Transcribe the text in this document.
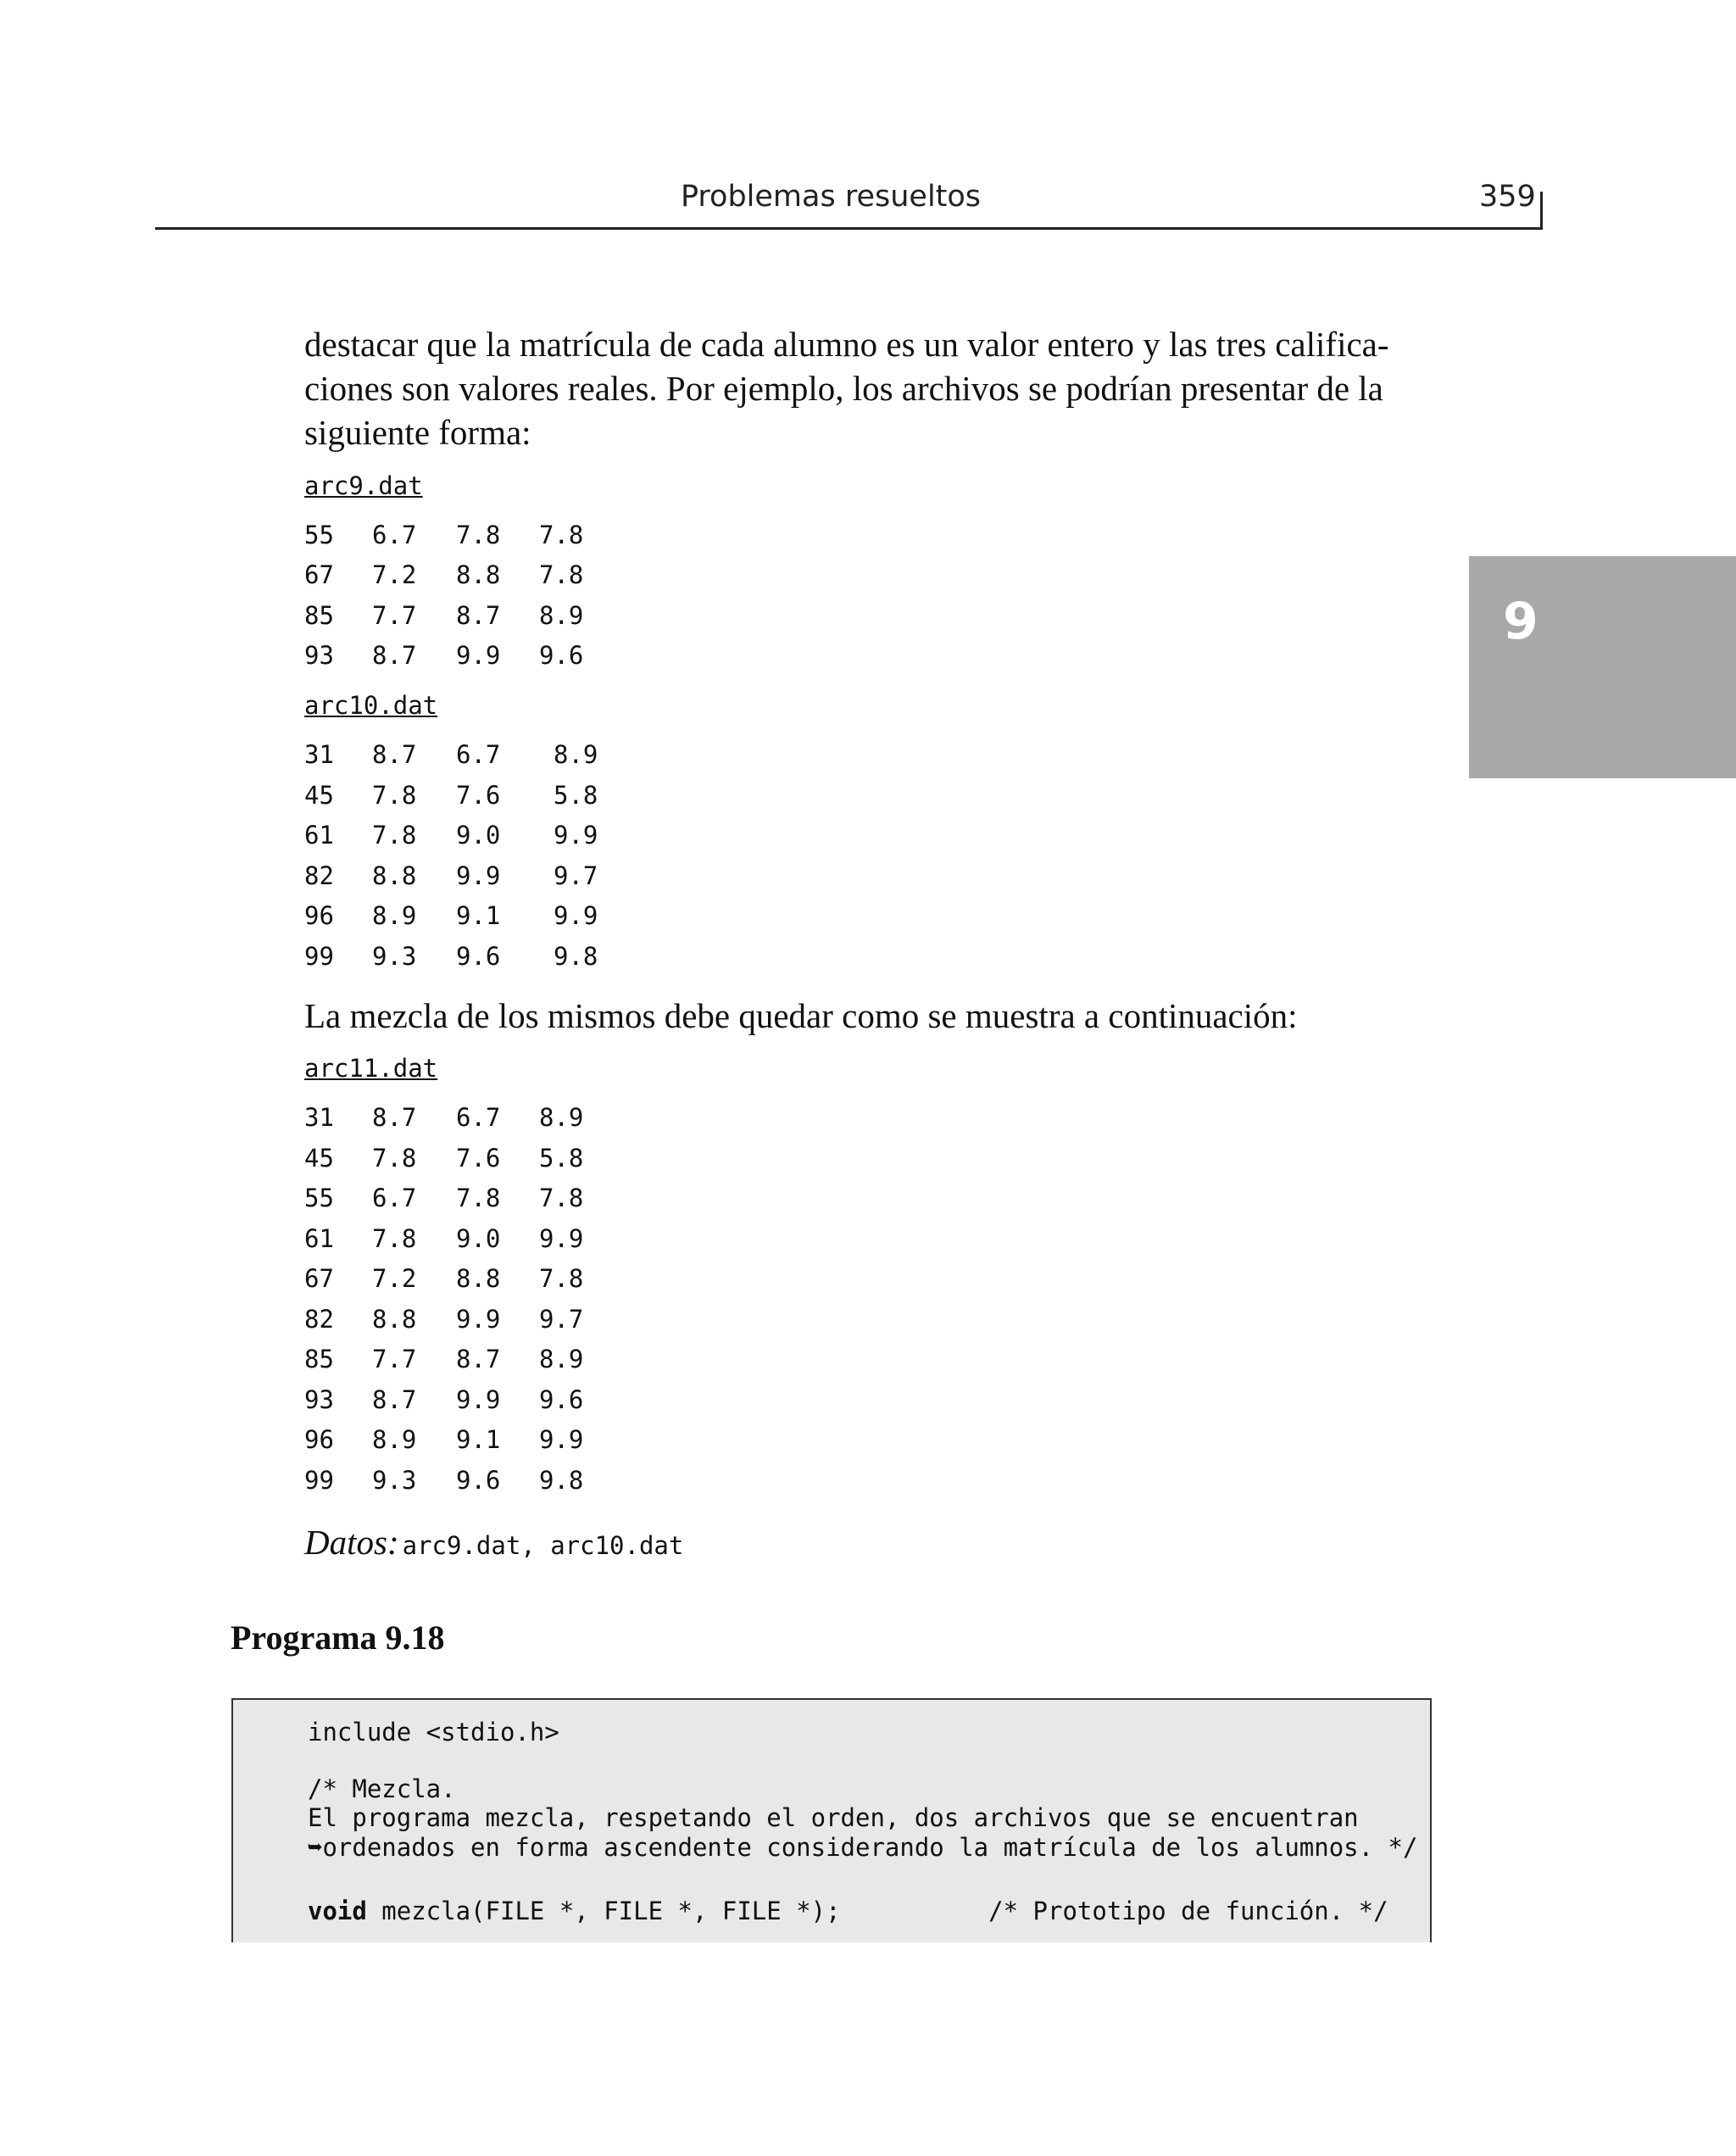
Problemas resueltos	359
9
destacar que la matrícula de cada alumno es un valor entero y las tres califica-
ciones son valores reales. Por ejemplo, los archivos se podrían presentar de la
siguiente forma:
arc9.dat
55 6.7 7.8 7.8
67 7.2 8.8 7.8
85 7.7 8.7 8.9
93 8.7 9.9 9.6
arc10.dat
31 8.7 6.7 8.9
45 7.8 7.6 5.8
61 7.8 9.0 9.9
82 8.8 9.9 9.7
96 8.9 9.1 9.9
99 9.3 9.6 9.8
La mezcla de los mismos debe quedar como se muestra a continuación:
arc11.dat
31 8.7 6.7 8.9
45 7.8 7.6 5.8
55 6.7 7.8 7.8
61 7.8 9.0 9.9
67 7.2 8.8 7.8
82 8.8 9.9 9.7
85 7.7 8.7 8.9
93 8.7 9.9 9.6
96 8.9 9.1 9.9
99 9.3 9.6 9.8
Datos: arc9.dat, arc10.dat
Programa 9.18
include <stdio.h>
/* Mezcla.
El programa mezcla, respetando el orden, dos archivos que se encuentran
➥ordenados en forma ascendente considerando la matrícula de los alumnos. */
void mezcla(FILE *, FILE *, FILE *);          /* Prototipo de función. */
